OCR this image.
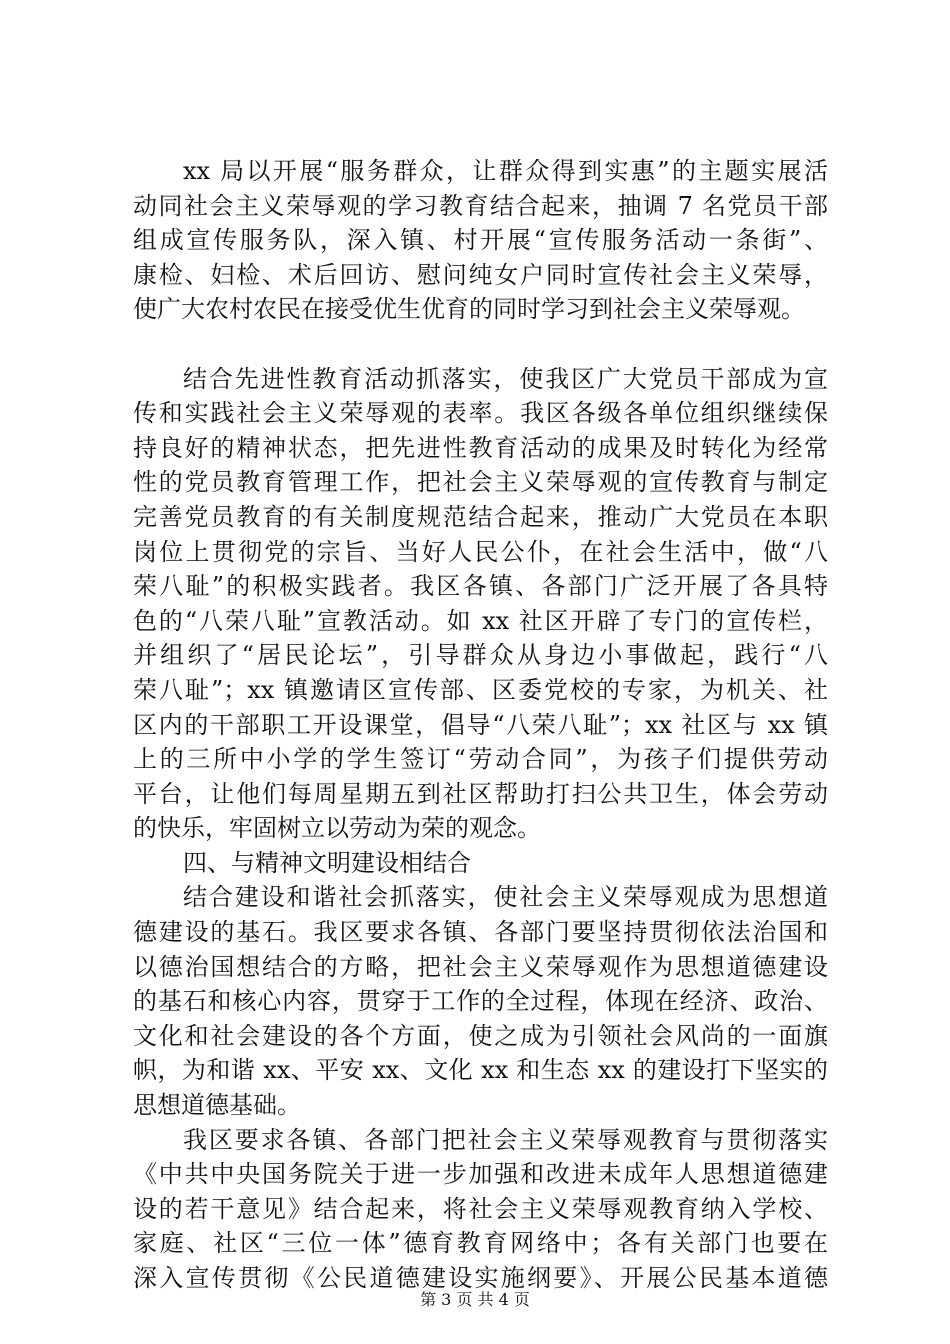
xx 局以开展“服务群众，让群众得到实惠”的主题实展活
动同社会主义荣辱观的学习教育结合起来，抽调 7 名党员干部
组成宣传服务队，深入镇、村开展“宣传服务活动一条街”、
康检、妇检、术后回访、慰问纯女户同时宣传社会主义荣辱，
使广大农村农民在接受优生优育的同时学习到社会主义荣辱观。
结合先进性教育活动抓落实，使我区广大党员干部成为宣
传和实践社会主义荣辱观的表率。我区各级各单位组织继续保
持良好的精神状态，把先进性教育活动的成果及时转化为经常
性的党员教育管理工作，把社会主义荣辱观的宣传教育与制定
完善党员教育的有关制度规范结合起来，推动广大党员在本职
岗位上贯彻党的宗旨、当好人民公仆，在社会生活中，做“八
荣八耻”的积极实践者。我区各镇、各部门广泛开展了各具特
色的“八荣八耻”宣教活动。如 xx 社区开辟了专门的宣传栏，
并组织了“居民论坛”，引导群众从身边小事做起，践行“八
荣八耻”；xx 镇邀请区宣传部、区委党校的专家，为机关、社
区内的干部职工开设课堂，倡导“八荣八耻”；xx 社区与 xx 镇
上的三所中小学的学生签订“劳动合同”，为孩子们提供劳动
平台，让他们每周星期五到社区帮助打扫公共卫生，体会劳动
的快乐，牢固树立以劳动为荣的观念。
四、与精神文明建设相结合
结合建设和谐社会抓落实，使社会主义荣辱观成为思想道
德建设的基石。我区要求各镇、各部门要坚持贯彻依法治国和
以德治国想结合的方略，把社会主义荣辱观作为思想道德建设
的基石和核心内容，贯穿于工作的全过程，体现在经济、政治、
文化和社会建设的各个方面，使之成为引领社会风尚的一面旗
帜，为和谐 xx、平安 xx、文化 xx 和生态 xx 的建设打下坚实的
思想道德基础。
我区要求各镇、各部门把社会主义荣辱观教育与贯彻落实
《中共中央国务院关于进一步加强和改进未成年人思想道德建
设的若干意见》结合起来，将社会主义荣辱观教育纳入学校、
家庭、社区“三位一体”德育教育网络中；各有关部门也要在
深入宣传贯彻《公民道德建设实施纲要》、开展公民基本道德
第 3 页 共 4 页
